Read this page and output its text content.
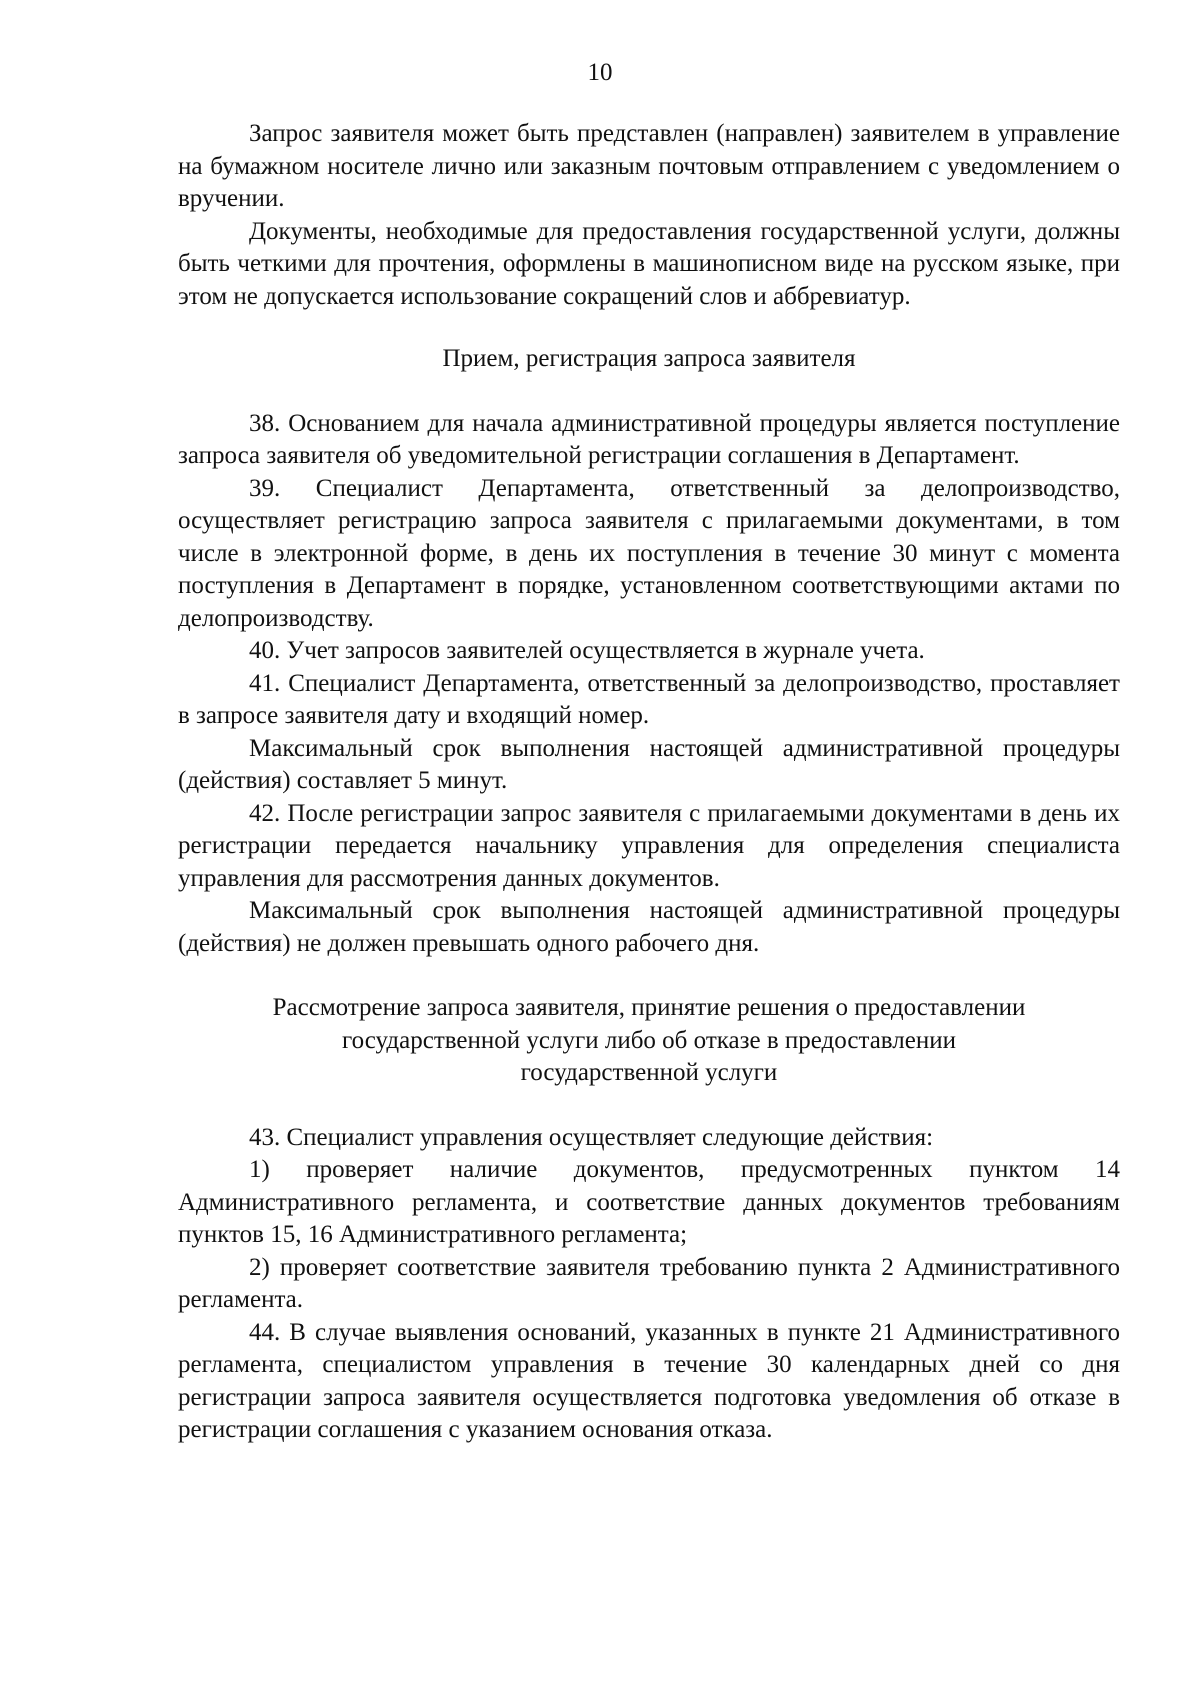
10

Запрос заявителя может быть представлен (направлен) заявителем в управление на бумажном носителе лично или заказным почтовым отправлением с уведомлением о вручении.

Документы, необходимые для предоставления государственной услуги, должны быть четкими для прочтения, оформлены в машинописном виде на русском языке, при этом не допускается использование сокращений слов и аббревиатур.

Прием, регистрация запроса заявителя

38. Основанием для начала административной процедуры является поступление запроса заявителя об уведомительной регистрации соглашения в Департамент.

39. Специалист Департамента, ответственный за делопроизводство, осуществляет регистрацию запроса заявителя с прилагаемыми документами, в том числе в электронной форме, в день их поступления в течение 30 минут с момента поступления в Департамент в порядке, установленном соответствующими актами по делопроизводству.

40. Учет запросов заявителей осуществляется в журнале учета.

41. Специалист Департамента, ответственный за делопроизводство, проставляет в запросе заявителя дату и входящий номер.

Максимальный срок выполнения настоящей административной процедуры (действия) составляет 5 минут.

42. После регистрации запрос заявителя с прилагаемыми документами в день их регистрации передается начальнику управления для определения специалиста управления для рассмотрения данных документов.

Максимальный срок выполнения настоящей административной процедуры (действия) не должен превышать одного рабочего дня.

Рассмотрение запроса заявителя, принятие решения о предоставлении
государственной услуги либо об отказе в предоставлении
государственной услуги

43. Специалист управления осуществляет следующие действия:

1) проверяет наличие документов, предусмотренных пунктом 14 Административного регламента, и соответствие данных документов требованиям пунктов 15, 16 Административного регламента;

2) проверяет соответствие заявителя требованию пункта 2 Административного регламента.

44. В случае выявления оснований, указанных в пункте 21 Административного регламента, специалистом управления в течение 30 календарных дней со дня регистрации запроса заявителя осуществляется подготовка уведомления об отказе в регистрации соглашения с указанием основания отказа.
